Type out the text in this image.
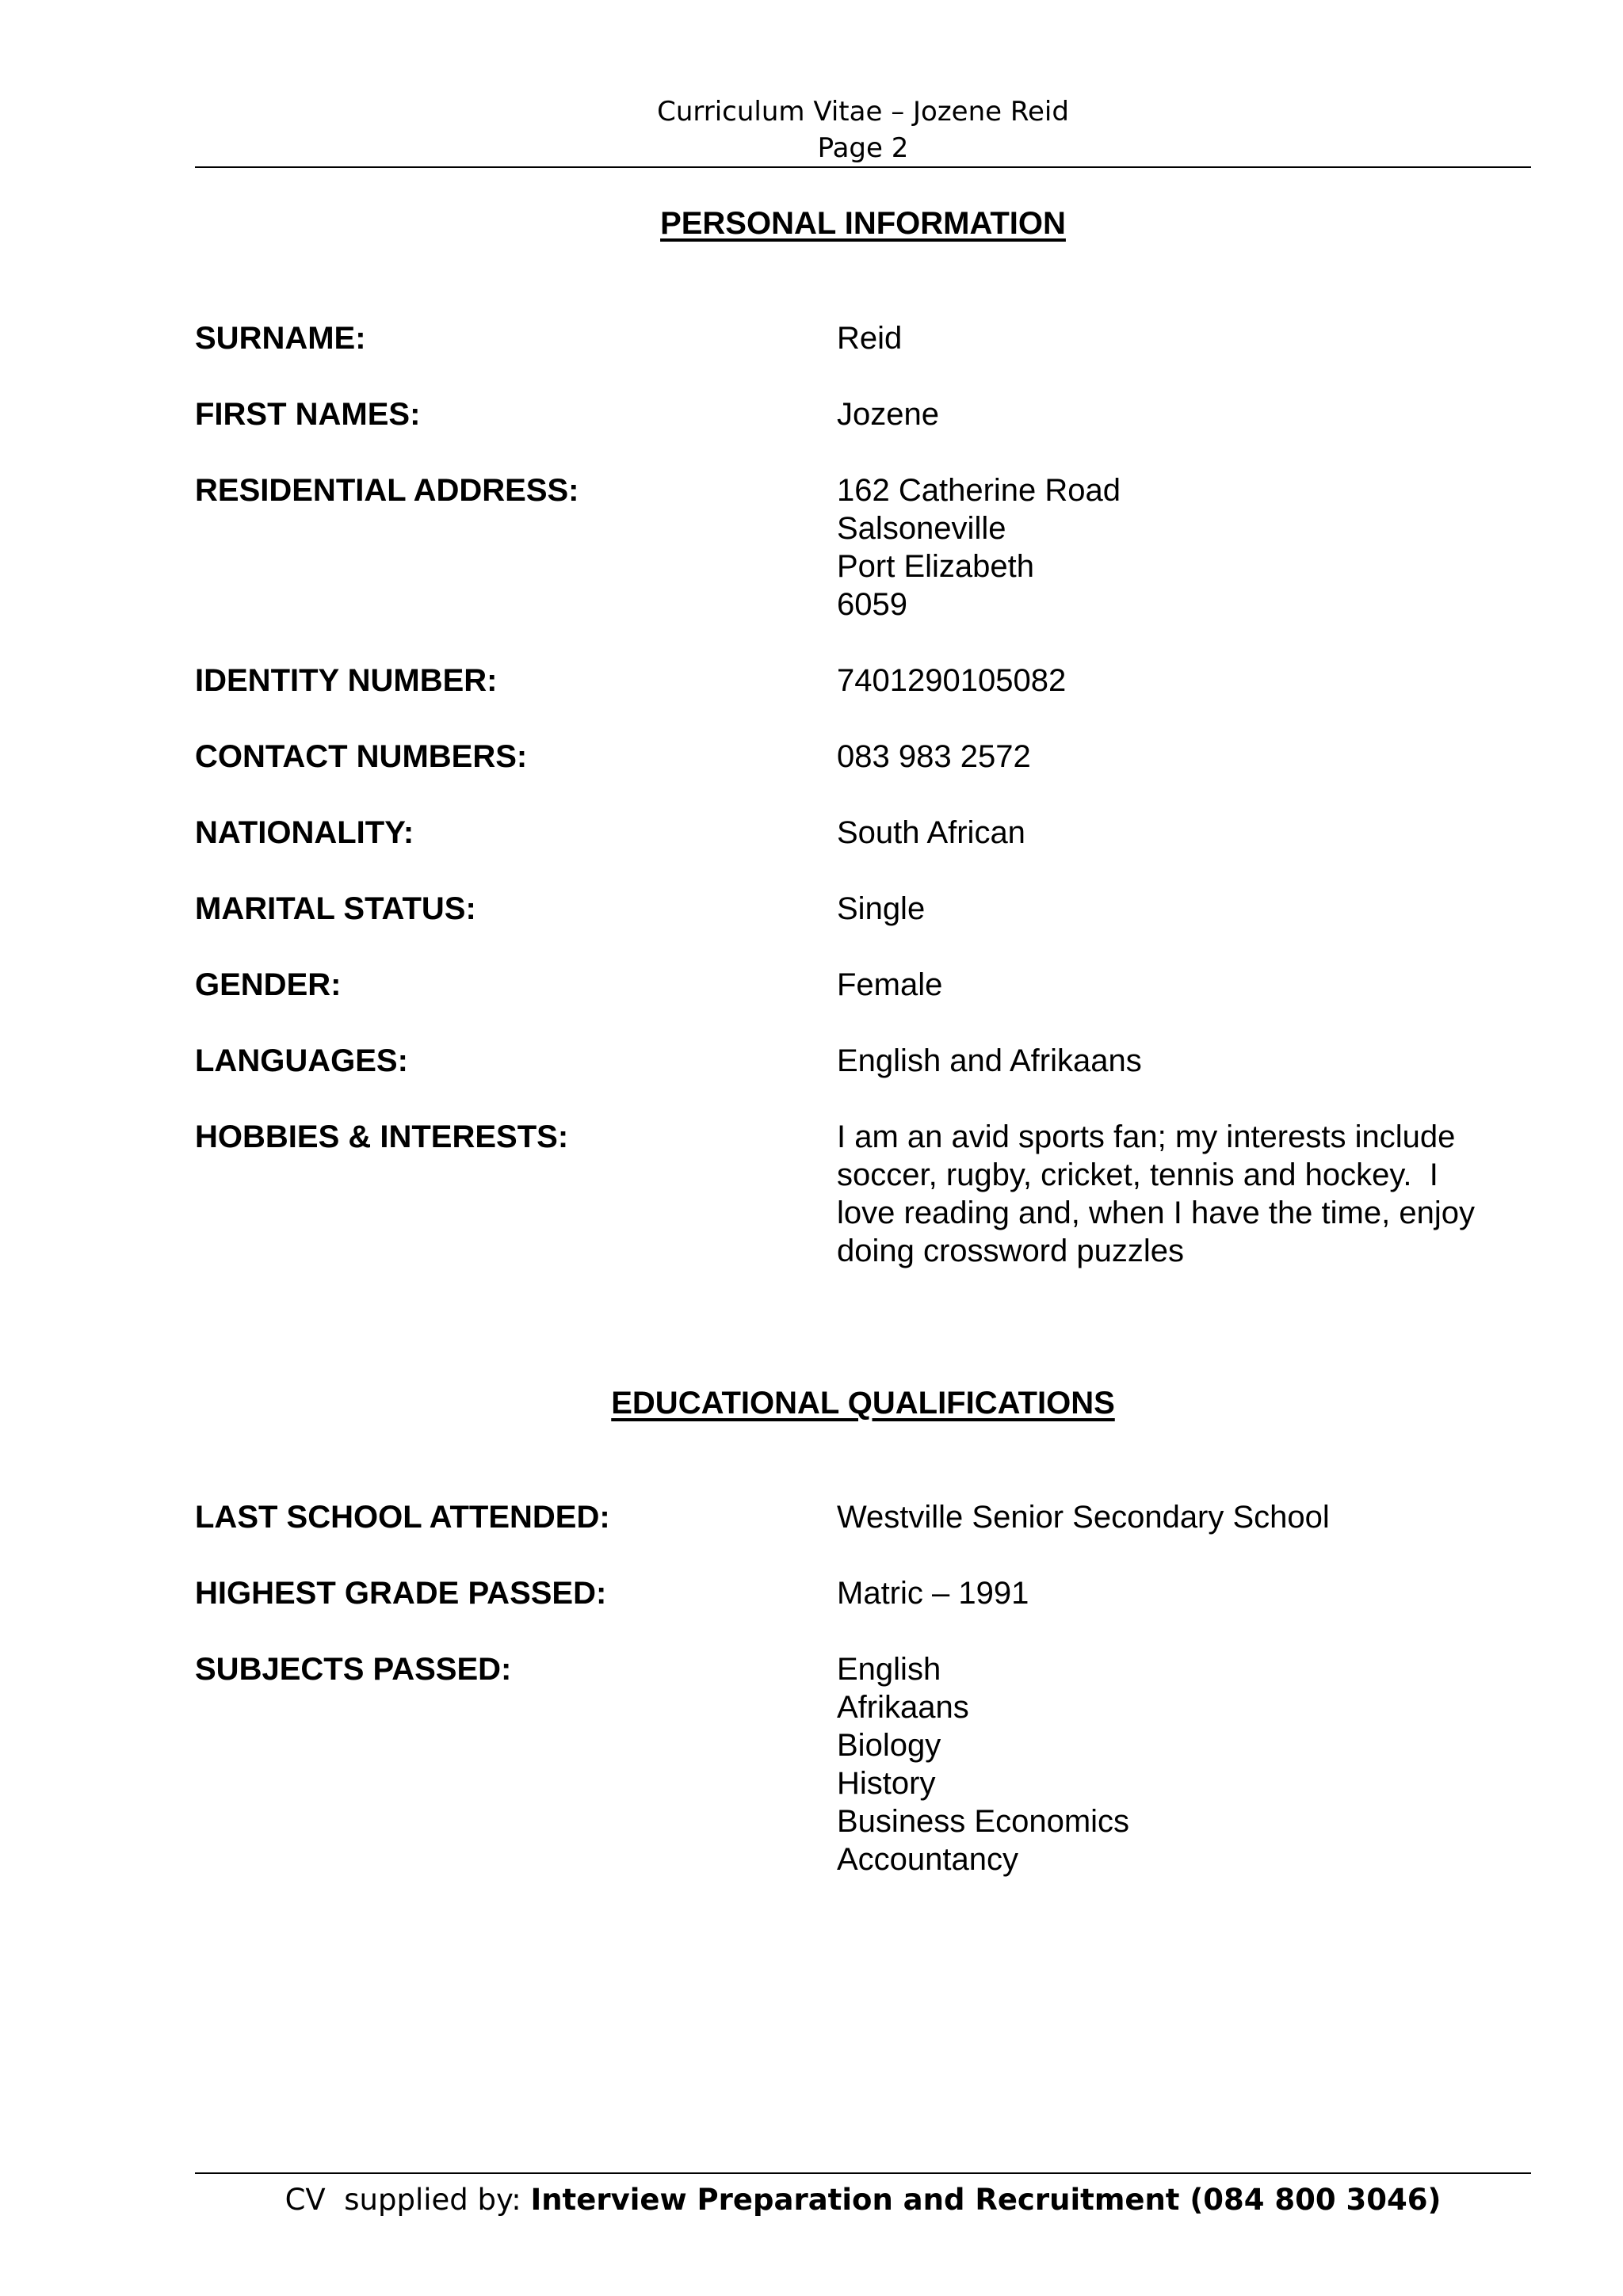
Curriculum Vitae – Jozene Reid
Page 2
PERSONAL INFORMATION
SURNAME:	Reid
FIRST NAMES:	Jozene
RESIDENTIAL ADDRESS:	162 Catherine Road
Salsoneville
Port Elizabeth
6059
IDENTITY NUMBER:	7401290105082
CONTACT NUMBERS:	083 983 2572
NATIONALITY:	South African
MARITAL STATUS:	Single
GENDER:	Female
LANGUAGES:	English and Afrikaans
HOBBIES & INTERESTS:	I am an avid sports fan; my interests include
soccer, rugby, cricket, tennis and hockey.  I
love reading and, when I have the time, enjoy
doing crossword puzzles
EDUCATIONAL QUALIFICATIONS
LAST SCHOOL ATTENDED:	Westville Senior Secondary School
HIGHEST GRADE PASSED:	Matric – 1991
SUBJECTS PASSED:	English
Afrikaans
Biology
History
Business Economics
Accountancy
CV  supplied by: Interview Preparation and Recruitment (084 800 3046)
